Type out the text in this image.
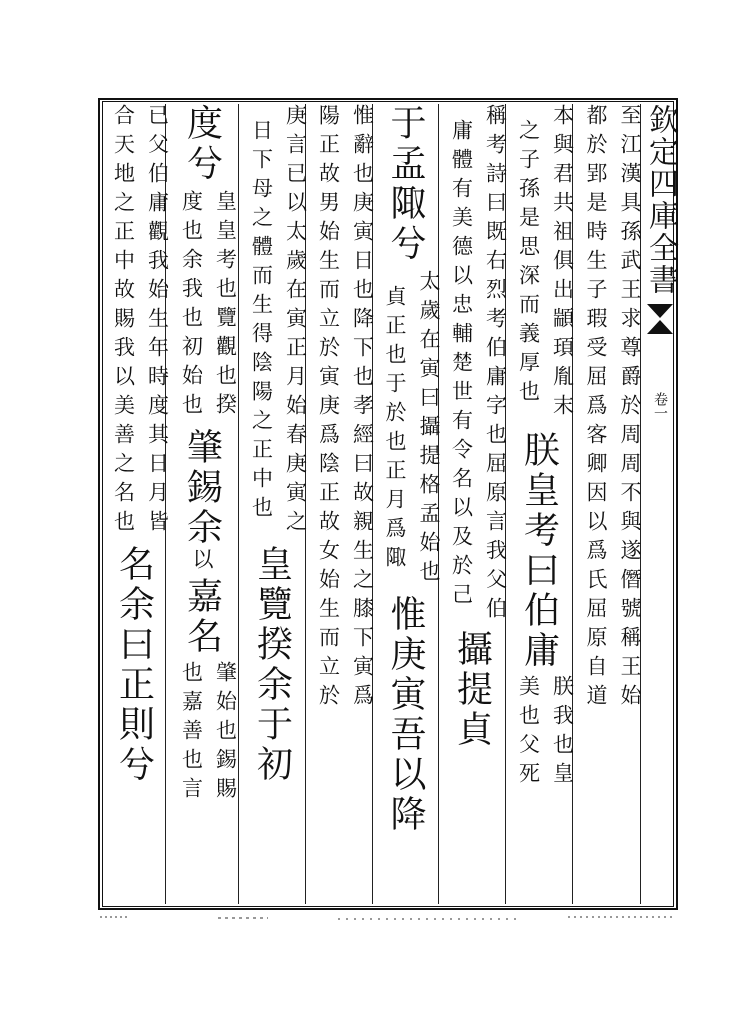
欽定四庫全書
卷一
至江漢具孫武王求尊爵於周周不與遂僭號稱王始
都於郢是時生子瑕受屈爲客卿因以爲氏屈原自道
本與君共祖俱出顓頊胤末
之子孫是思深而義厚也
朕皇考曰伯庸
朕我也皇
美也父死
稱考詩曰既右烈考伯庸字也屈原言我父伯
庸體有美德以忠輔楚世有令名以及於己
攝提貞
于孟陬兮
太歲在寅曰攝提格孟始也
貞正也于於也正月爲陬
惟庚寅吾以降
惟辭也庚寅日也降下也孝經曰故親生之膝下寅爲
陽正故男始生而立於寅庚爲陰正故女始生而立於
庚言已以太歲在寅正月始春庚寅之
日下母之體而生得陰陽之正中也
皇覽揆余于初
度兮
皇皇考也覽觀也揆
度也余我也初始也
肇錫余
以
嘉名
肇始也錫賜
也嘉善也言
已父伯庸觀我始生年時度其日月皆
合天地之正中故賜我以美善之名也
名余曰正則兮
